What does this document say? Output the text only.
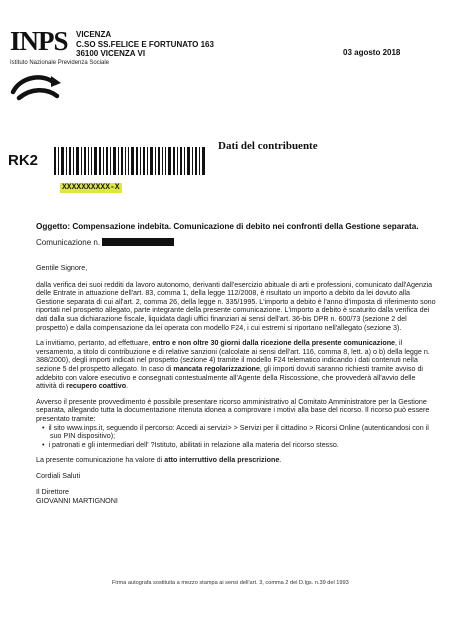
INPS
Istituto Nazionale Previdenza Sociale
VICENZA
C.SO SS.FELICE E FORTUNATO 163
36100 VICENZA VI	03 agosto 2018
Dati del contribuente
RK2
XXXXXXXXXX-X
Oggetto: Compensazione indebita. Comunicazione di debito nei confronti della Gestione separata.
Comunicazione n.

Gentile Signore,

dalla verifica dei suoi redditi da lavoro autonomo, derivanti dall'esercizio abituale di arti e professioni, comunicato dall'Agenzia delle Entrate in attuazione dell'art. 83, comma 1, della legge 112/2008, è risultato un importo a debito da lei dovuto alla Gestione separata di cui all'art. 2, comma 26, della legge n. 335/1995. L'importo a debito è l'anno d'imposta di riferimento sono riportati nel prospetto allegato, parte integrante della presente comunicazione. L'importo a debito è scaturito dalla verifica dei dati dalla sua dichiarazione fiscale, liquidata dagli uffici finanziari ai sensi dell'art. 36-bis DPR n. 600/73 (sezione 2 del prospetto) e dalla compensazione da lei operata con modello F24, i cui estremi si riportano nell'allegato (sezione 3).

La invitiamo, pertanto, ad effettuare, entro e non oltre 30 giorni dalla ricezione della presente comunicazione, il versamento, a titolo di contribuzione e di relative sanzioni (calcolate ai sensi dell'art. 116, comma 8, lett. a) o b) della legge n. 388/2000), degli importi indicati nel prospetto (sezione 4) tramite il modello F24 telematico indicando i dati contenuti nella sezione 5 del prospetto allegato. In caso di mancata regolarizzazione, gli importi dovuti saranno richiesti tramite avviso di addebito con valore esecutivo e consegnati contestualmente all'Agente della Riscossione, che provvederà all'avvio delle attività di recupero coattivo.

Avverso il presente provvedimento è possibile presentare ricorso amministrativo al Comitato Amministratore per la Gestione separata, allegando tutta la documentazione ritenuta idonea a comprovare i motivi alla base del ricorso. Il ricorso può essere presentato tramite:

•  il sito www.inps.it, seguendo il percorso: Accedi ai servizi> > Servizi per il cittadino > Ricorsi Online (autenticandosi con il suo PIN dispositivo);

•  i patronati e gli intermediari dell' ?Istituto, abilitati in relazione alla materia del ricorso stesso.

La presente comunicazione ha valore di atto interruttivo della prescrizione.

Cordiali Saluti

Il Direttore

GIOVANNI MARTIGNONI

Firma autografa sostituita a mezzo stampa ai sensi dell'art. 3, comma 2 del D.lgs. n.39 del 1993
